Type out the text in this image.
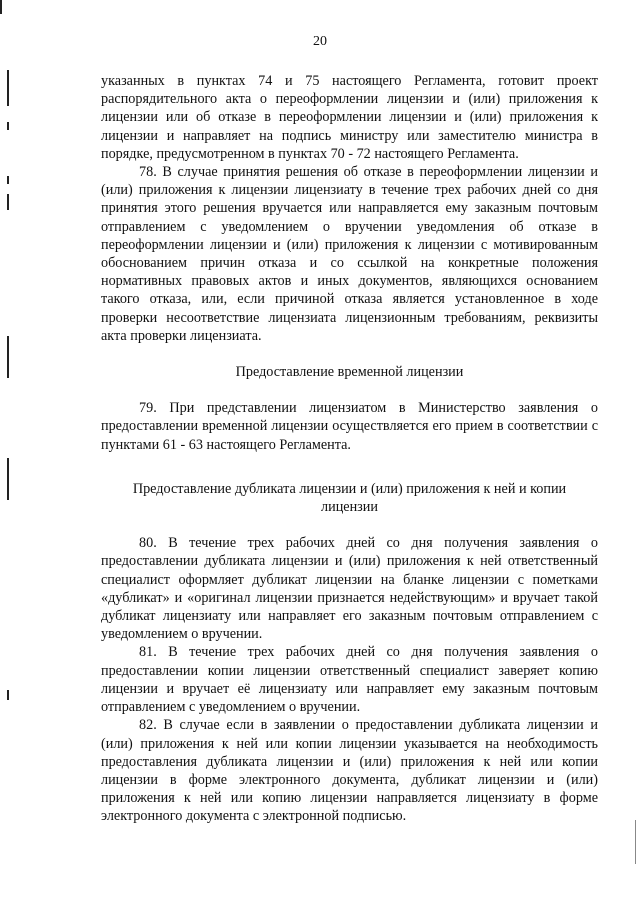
20

указанных в пунктах 74 и 75 настоящего Регламента, готовит проект распорядительного акта о переоформлении лицензии и (или) приложения к лицензии или об отказе в переоформлении лицензии и (или) приложения к лицензии и направляет на подпись министру или заместителю министра в порядке, предусмотренном в пунктах 70 - 72 настоящего Регламента.

78. В случае принятия решения об отказе в переоформлении лицензии и (или) приложения к лицензии лицензиату в течение трех рабочих дней со дня принятия этого решения вручается или направляется ему заказным почтовым отправлением с уведомлением о вручении уведомления об отказе в переоформлении лицензии и (или) приложения к лицензии с мотивированным обоснованием причин отказа и со ссылкой на конкретные положения нормативных правовых актов и иных документов, являющихся основанием такого отказа, или, если причиной отказа является установленное в ходе проверки несоответствие лицензиата лицензионным требованиям, реквизиты акта проверки лицензиата.

Предоставление временной лицензии

79. При представлении лицензиатом в Министерство заявления о предоставлении временной лицензии осуществляется его прием в соответствии с пунктами 61 - 63 настоящего Регламента.

Предоставление дубликата лицензии и (или) приложения к ней и копии лицензии

80. В течение трех рабочих дней со дня получения заявления о предоставлении дубликата лицензии и (или) приложения к ней ответственный специалист оформляет дубликат лицензии на бланке лицензии с пометками «дубликат» и «оригинал лицензии признается недействующим» и вручает такой дубликат лицензиату или направляет его заказным почтовым отправлением с уведомлением о вручении.

81. В течение трех рабочих дней со дня получения заявления о предоставлении копии лицензии ответственный специалист заверяет копию лицензии и вручает её лицензиату или направляет ему заказным почтовым отправлением с уведомлением о вручении.

82. В случае если в заявлении о предоставлении дубликата лицензии и (или) приложения к ней или копии лицензии указывается на необходимость предоставления дубликата лицензии и (или) приложения к ней или копии лицензии в форме электронного документа, дубликат лицензии и (или) приложения к ней или копию лицензии направляется лицензиату в форме электронного документа с электронной подписью.
